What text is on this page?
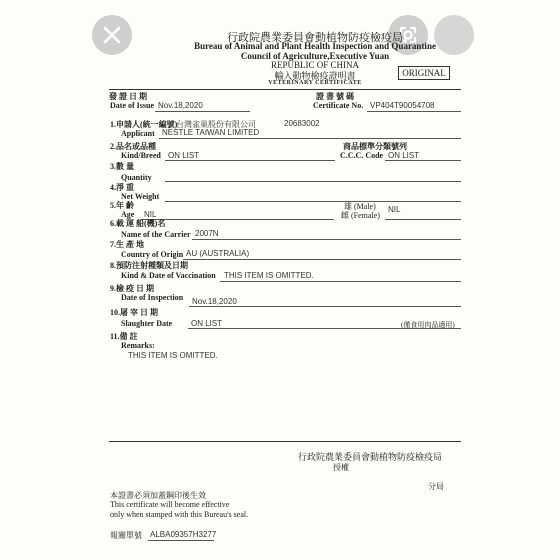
行政院農業委員會動植物防疫檢疫局
Bureau of Animal and Plant Health Inspection and Quarantine
Council of Agriculture,Executive Yuan
REPUBLIC OF CHINA
輸入動物檢疫證明書
VETERINARY CERTIFICATE
ORIGINAL
發 證 日 期
Date of Issue Nov.18,2020
證 書 號 碼
Certificate No. VP404T90054708
1.申請人(統一編號)
台灣雀巢股份有限公司	20683002
Applicant NESTLE TAIWAN LIMITED
2.品名或品種
Kind/Breed ON LIST
商品標準分類號列
C.C.C. Code ON LIST
3.數 量
Quantity
4.淨 重
Net Weight
5.年 齡
Age NIL
雄 (Male)
雌 (Female)
NIL
6.載 運 船(機)名
Name of the Carrier 2007N
7.生 產 地
Country of Origin AU (AUSTRALIA)
8.預防注射種類及日期
Kind & Date of Vaccination THIS ITEM IS OMITTED.
9.檢 疫 日 期
Date of Inspection Nov.18,2020
10.屠 宰 日 期
Slaughter Date ON LIST	(僅食用肉品適用)
11.備 註
Remarks:
THIS ITEM IS OMITTED.
行政院農業委員會動植物防疫檢疫局
授權
分局
本證書必須加蓋鋼印後生效
This certificate will become effective
only when stamped with this Bureau's seal.
報關單號 ALBA09357H3277
